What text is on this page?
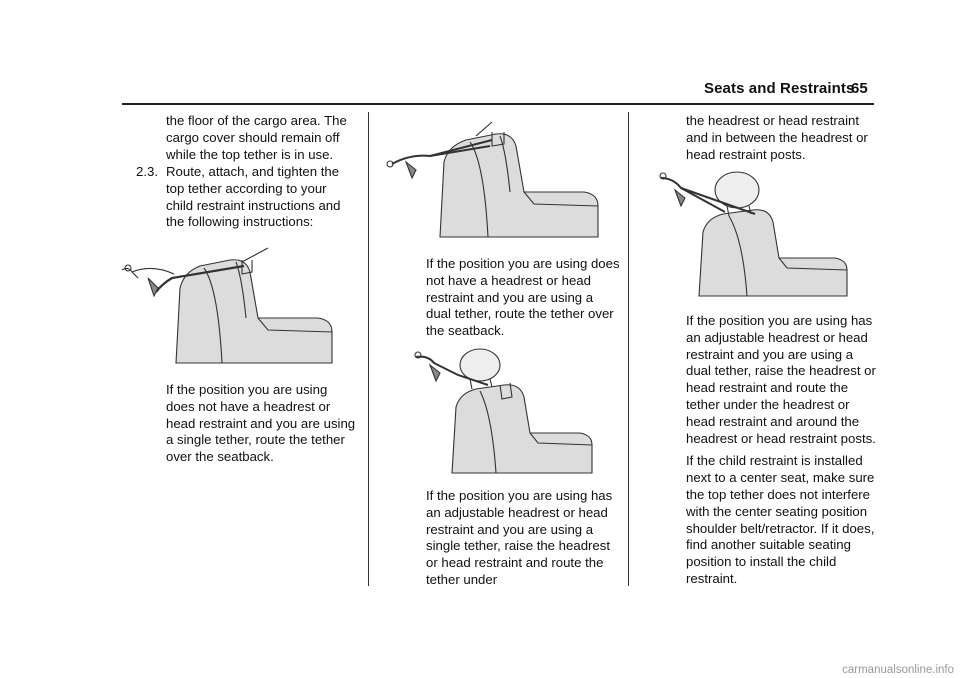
Seats and Restraints
65

the floor of the cargo area. The cargo cover should remain off while the top tether is in use.

2.3. Route, attach, and tighten the top tether according to your child restraint instructions and the following instructions:

If the position you are using does not have a headrest or head restraint and you are using a single tether, route the tether over the seatback.

If the position you are using does not have a headrest or head restraint and you are using a dual tether, route the tether over the seatback.

If the position you are using has an adjustable headrest or head restraint and you are using a single tether, raise the headrest or head restraint and route the tether under

the headrest or head restraint and in between the headrest or head restraint posts.

If the position you are using has an adjustable headrest or head restraint and you are using a dual tether, raise the headrest or head restraint and route the tether under the headrest or head restraint and around the headrest or head restraint posts.

If the child restraint is installed next to a center seat, make sure the top tether does not interfere with the center seating position shoulder belt/retractor. If it does, find another suitable seating position to install the child restraint.

carmanualsonline.info
